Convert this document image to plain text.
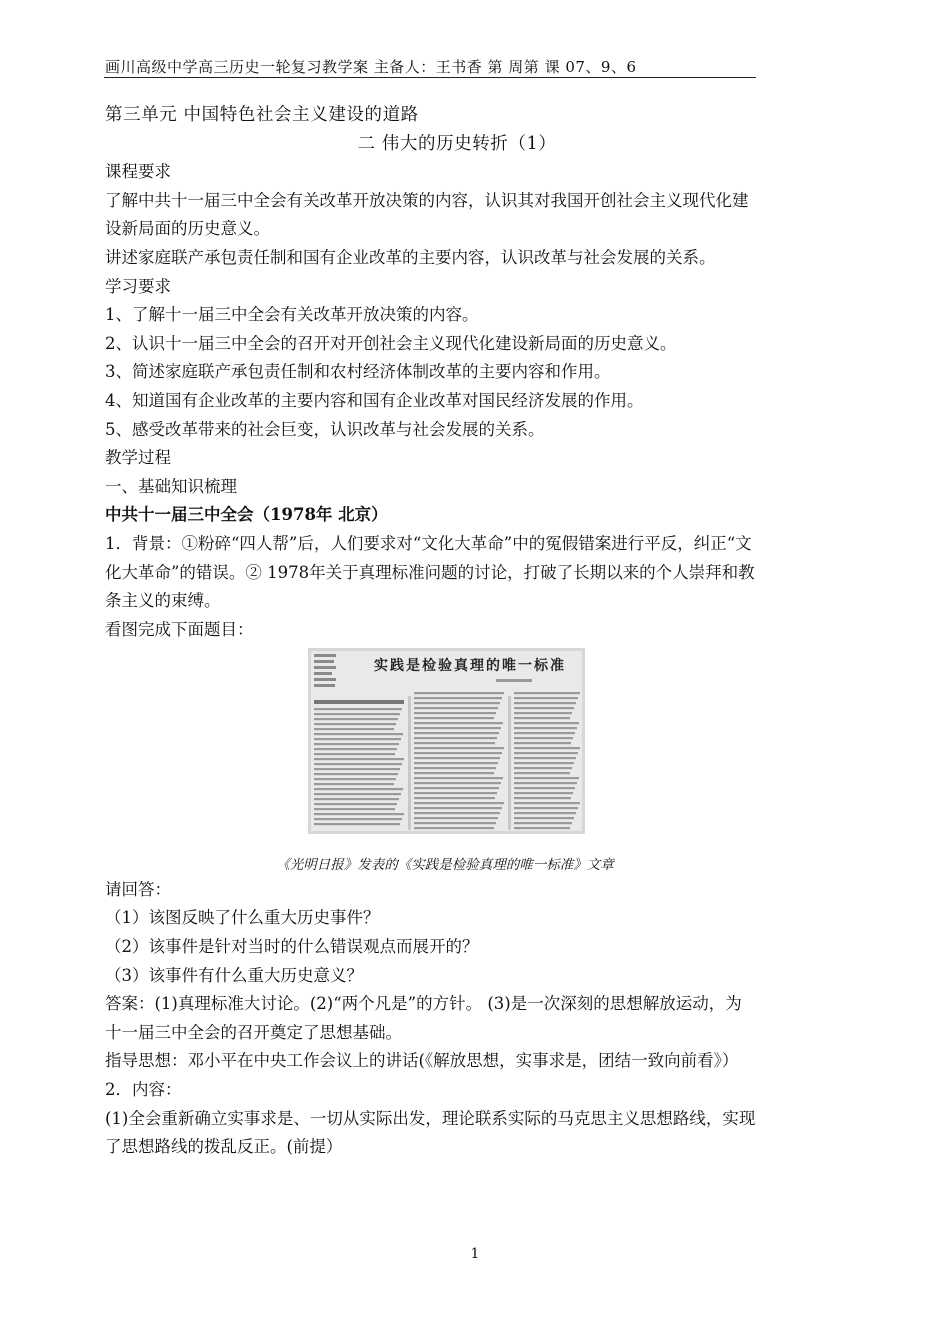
画川高级中学高三历史一轮复习教学案 主备人：王书香 第 周第 课 07、9、6

第三单元 中国特色社会主义建设的道路

二 伟大的历史转折（1）

课程要求

了解中共十一届三中全会有关改革开放决策的内容，认识其对我国开创社会主义现代化建设新局面的历史意义。

讲述家庭联产承包责任制和国有企业改革的主要内容，认识改革与社会发展的关系。

学习要求

1、了解十一届三中全会有关改革开放决策的内容。

2、认识十一届三中全会的召开对开创社会主义现代化建设新局面的历史意义。

3、简述家庭联产承包责任制和农村经济体制改革的主要内容和作用。

4、知道国有企业改革的主要内容和国有企业改革对国民经济发展的作用。

5、感受改革带来的社会巨变，认识改革与社会发展的关系。

教学过程

一、基础知识梳理

中共十一届三中全会（1978年 北京）

1．背景：①粉碎“四人帮”后，人们要求对“文化大革命”中的冤假错案进行平反，纠正“文化大革命”的错误。② 1978年关于真理标准问题的讨论，打破了长期以来的个人崇拜和教条主义的束缚。

看图完成下面题目：

实践是检验真理的唯一标准
《光明日报》发表的《实践是检验真理的唯一标准》文章

请回答：

（1）该图反映了什么重大历史事件？

（2）该事件是针对当时的什么错误观点而展开的？

（3）该事件有什么重大历史意义？

答案：(1)真理标准大讨论。(2)“两个凡是”的方针。 (3)是一次深刻的思想解放运动，为十一届三中全会的召开奠定了思想基础。

指导思想：邓小平在中央工作会议上的讲话(《解放思想，实事求是，团结一致向前看》）

2．内容：

(1)全会重新确立实事求是、一切从实际出发，理论联系实际的马克思主义思想路线，实现了思想路线的拨乱反正。(前提）

1
